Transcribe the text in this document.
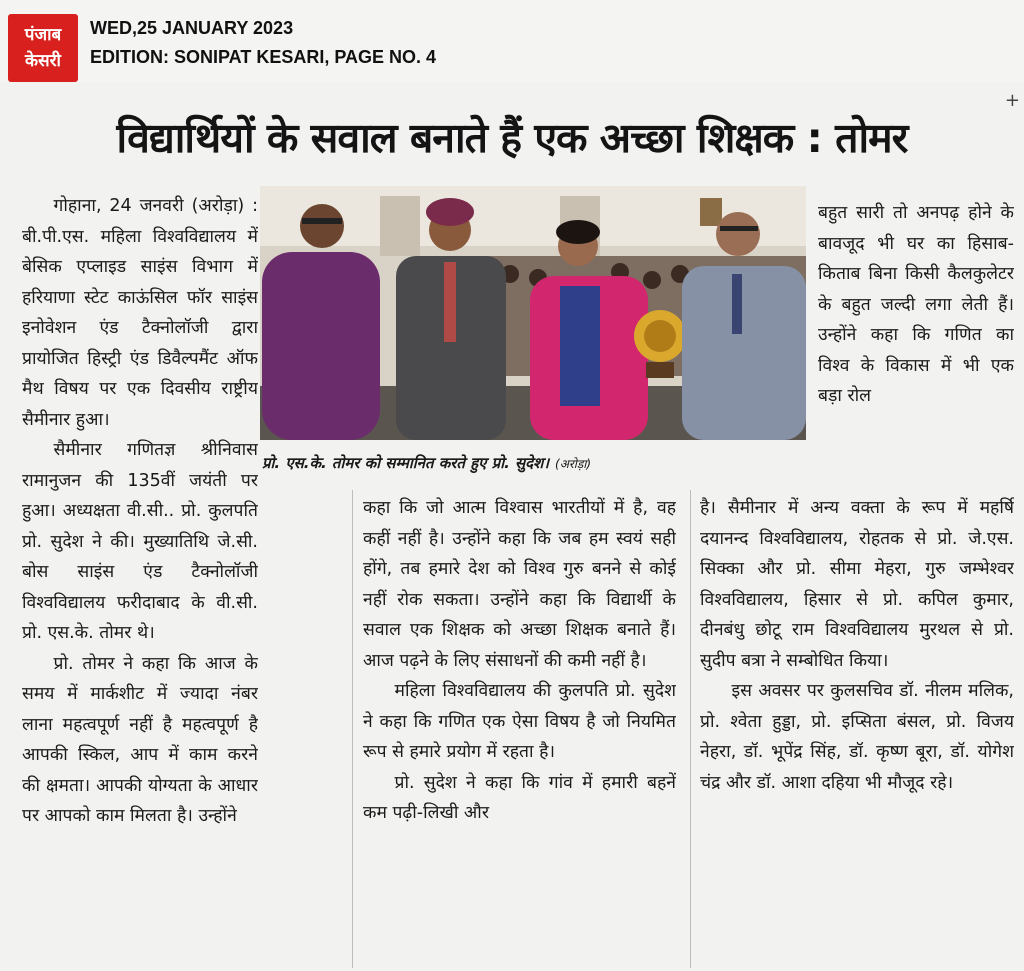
पंजाब
केसरी
WED,25 JANUARY 2023
EDITION: SONIPAT KESARI, PAGE NO. 4
+
विद्यार्थियों के सवाल बनाते हैं एक अच्छा शिक्षक : तोमर
प्रो. एस.के. तोमर को सम्मानित करते हुए प्रो. सुदेश। (अरोड़ा)

गोहाना, 24 जनवरी (अरोड़ा) : बी.पी.एस. महिला विश्वविद्यालय में बेसिक एप्लाइड साइंस विभाग में हरियाणा स्टेट काऊंसिल फॉर साइंस इनोवेशन एंड टैक्नोलॉजी द्वारा प्रायोजित हिस्ट्री एंड डिवैल्पमैंट ऑफ मैथ विषय पर एक दिवसीय राष्ट्रीय सैमीनार हुआ।

सैमीनार गणितज्ञ श्रीनिवास रामानुजन की 135वीं जयंती पर हुआ। अध्यक्षता वी.सी.. प्रो. कुलपति प्रो. सुदेश ने की। मुख्यातिथि जे.सी. बोस साइंस एंड टैक्नोलॉजी विश्वविद्यालय फरीदाबाद के वी.सी. प्रो. एस.के. तोमर थे।

प्रो. तोमर ने कहा कि आज के समय में मार्कशीट में ज्यादा नंबर लाना महत्वपूर्ण नहीं है महत्वपूर्ण है आपकी स्किल, आप में काम करने की क्षमता। आपकी योग्यता के आधार पर आपको काम मिलता है। उन्होंने

कहा कि जो आत्म विश्वास भारतीयों में है, वह कहीं नहीं है। उन्होंने कहा कि जब हम स्वयं सही होंगे, तब हमारे देश को विश्व गुरु बनने से कोई नहीं रोक सकता। उन्होंने कहा कि विद्यार्थी के सवाल एक शिक्षक को अच्छा शिक्षक बनाते हैं। आज पढ़ने के लिए संसाधनों की कमी नहीं है।

महिला विश्वविद्यालय की कुलपति प्रो. सुदेश ने कहा कि गणित एक ऐसा विषय है जो नियमित रूप से हमारे प्रयोग में रहता है।

प्रो. सुदेश ने कहा कि गांव में हमारी बहनें कम पढ़ी-लिखी और

बहुत सारी तो अनपढ़ होने के बावजूद भी घर का हिसाब-किताब बिना किसी कैलकुलेटर के बहुत जल्दी लगा लेती हैं। उन्होंने कहा कि गणित का विश्व के विकास में भी एक बड़ा रोल

है। सैमीनार में अन्य वक्ता के रूप में महर्षि दयानन्द विश्वविद्यालय, रोहतक से प्रो. जे.एस. सिक्का और प्रो. सीमा मेहरा, गुरु जम्भेश्वर विश्वविद्यालय, हिसार से प्रो. कपिल कुमार, दीनबंधु छोटू राम विश्वविद्यालय मुरथल से प्रो. सुदीप बत्रा ने सम्बोधित किया।

इस अवसर पर कुलसचिव डॉ. नीलम मलिक, प्रो. श्वेता हुड्डा, प्रो. इप्सिता बंसल, प्रो. विजय नेहरा, डॉ. भूपेंद्र सिंह, डॉ. कृष्ण बूरा, डॉ. योगेश चंद्र और डॉ. आशा दहिया भी मौजूद रहे।
